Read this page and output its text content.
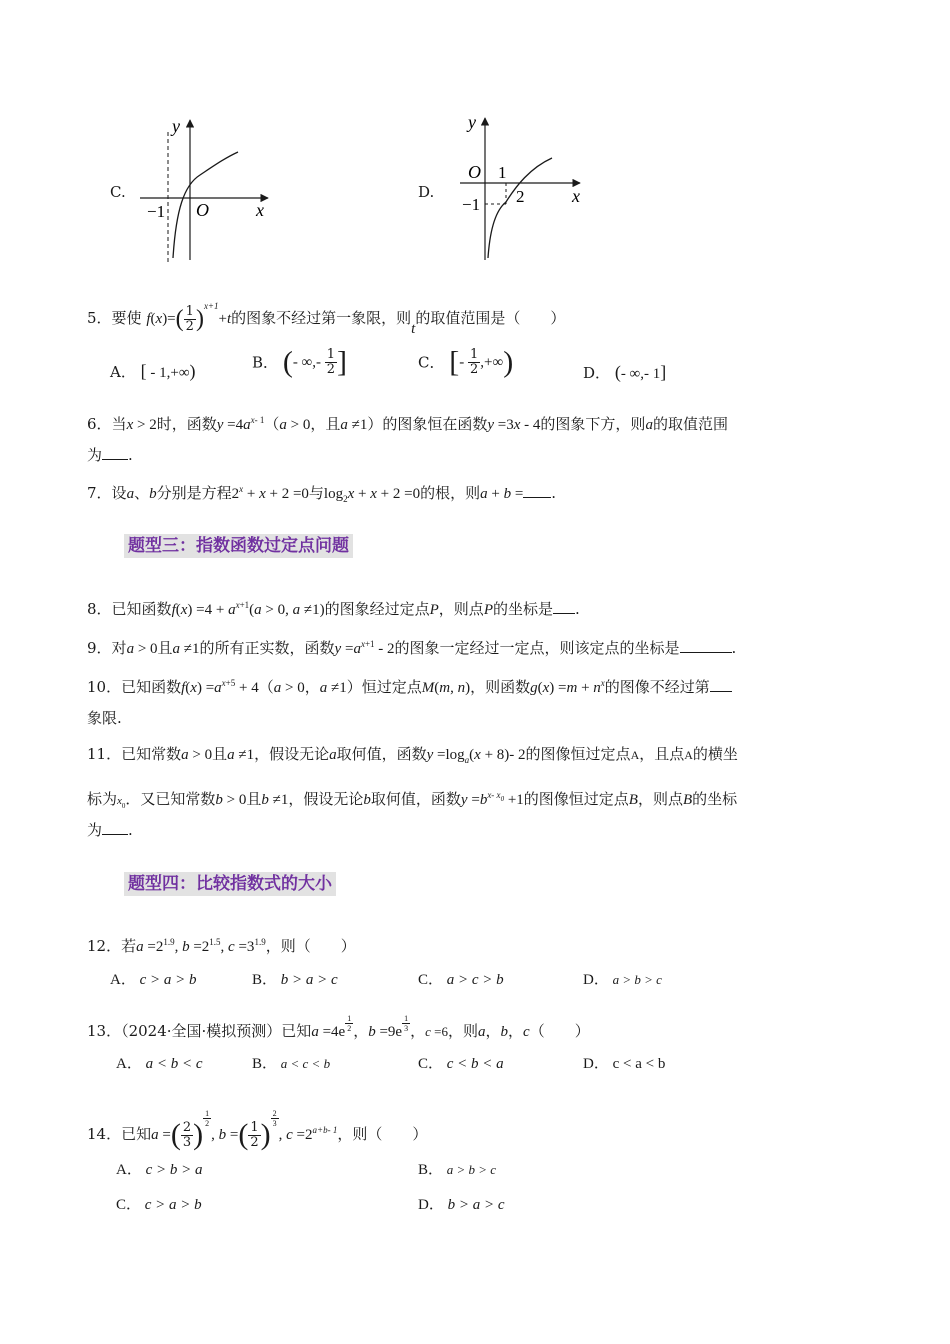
C.
y
x
O
−1
D.
y
x
O 1
−1 2
5．要使 $f(x)=( \frac{1}{2} )^{x+1}+t$的图象不经过第一象限，则t的取值范围是（　　）
A． [ - 1,+∞)	B． (- ∞,- $\frac{1}{2}$ ]	C． [- $\frac{1}{2}$ ,+∞)	D． (- ∞,- 1]
6．当x > 2时，函数$y =4a^{x- 1}(a > 0$，且a ≠1）的图象恒在函数y =3x - 4的图象下方，则a的取值范围
为 .
7．设a、b分别是方程$2^x + x + 2 =0$与$\log_2x + x + 2 =0$的根，则a + b = .
题型三：指数函数过定点问题
8．已知函数$f(x) =4 + a^{x+1}(a > 0$, a ≠1)的图象经过定点P，则点P的坐标是 .
9．对a > 0且a ≠1的所有正实数，函数$y =a^{x+1} - 2$的图象一定经过一定点，则该定点的坐标是	.
10．已知函数$f(x) =a^{x+5} + 4(a > 0$，a ≠1）恒过定点M(m, n)，则函数$g(x) =m + n^x$的图像不经过第
象限.
11．已知常数a > 0且a ≠1，假设无论a取何值，函数$y =\log_a(x + 8)-$ 2的图像恒过定点A，且点A的横坐
标为$x_0$．又已知常数b > 0且b ≠1，假设无论b取何值，函数$y =b^{x- x_0} +1$的图像恒过定点B，则点B的坐标
为 .
题型四：比较指数式的大小
12．若$a =2^{1.9}$, $b =2^{1.5}$, $c =3^{1.9}$，则（　　）
A． c > a > b	B． b > a > c	C． a > c > b	D． a > b > c
13．（2024·全国·模拟预测）已知a =4e $^{\frac{1}{2}}$ ，b =9e $^{\frac{1}{3}}$ ，c =6，则a，b，c（　　）
A． a < b < c	B． a < c < b	C． c < b < a	D． c < a < b
14．已知a =( $\frac{2}{3}$ ) $^{\frac{1}{2}}$
, b =( $\frac{1}{2}$ ) $^{\frac{2}{3}}$
, $c =2^{a+b- 1}$，则（　　）
A． c > b > a	B． a > b > c
C． c > a > b	D． b > a > c
